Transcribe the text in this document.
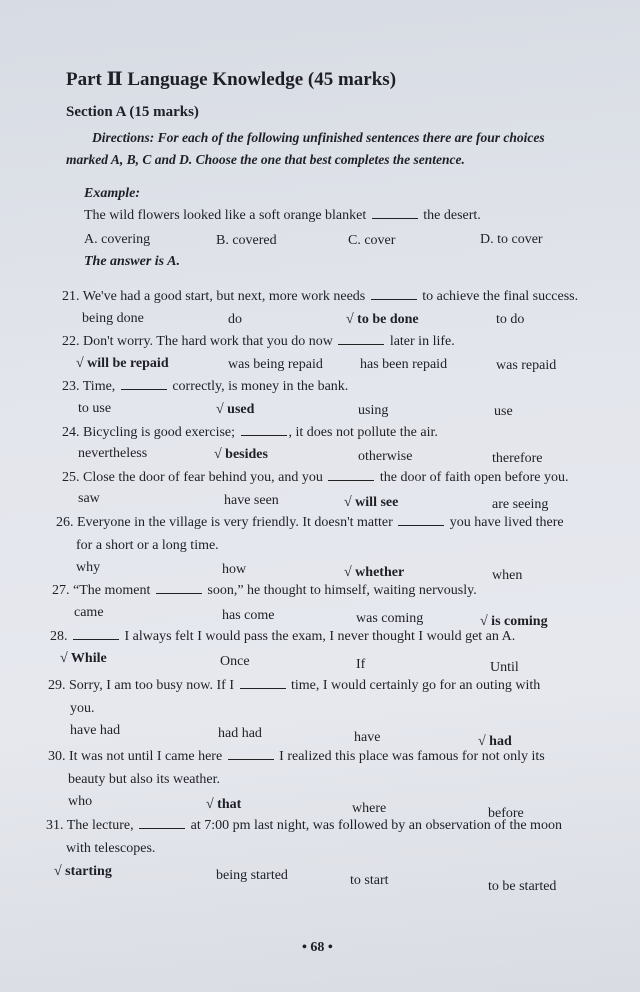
Part Ⅱ Language Knowledge (45 marks)
Section A (15 marks)
Directions: For each of the following unfinished sentences there are four choices
marked A, B, C and D. Choose the one that best completes the sentence.
Example:
The wild flowers looked like a soft orange blanket	the desert.
A. covering	B. covered	C. cover	D. to cover
The answer is A.
21. We've had a good start, but next, more work needs	to achieve the final success.
being done	do	√ to be done	to do
22. Don't worry. The hard work that you do now	later in life.
√ will be repaid	was being repaid	has been repaid	was repaid
23. Time,	correctly, is money in the bank.
to use	√ used	using	use
24. Bicycling is good exercise;	, it does not pollute the air.
nevertheless	√ besides	otherwise	therefore
25. Close the door of fear behind you, and you	the door of faith open before you.
saw	have seen	√ will see	are seeing
26. Everyone in the village is very friendly. It doesn't matter	you have lived there
for a short or a long time.
why	how	√ whether	when
27. “The moment	soon,” he thought to himself, waiting nervously.
came	has come	was coming	√ is coming
28.	I always felt I would pass the exam, I never thought I would get an A.
√ While	Once	If	Until
29. Sorry, I am too busy now. If I	time, I would certainly go for an outing with
you.
have had	had had	have	√ had
30. It was not until I came here	I realized this place was famous for not only its
beauty but also its weather.
who	√ that	where	before
31. The lecture,	at 7:00 pm last night, was followed by an observation of the moon
with telescopes.
√ starting	being started	to start	to be started
• 68 •
